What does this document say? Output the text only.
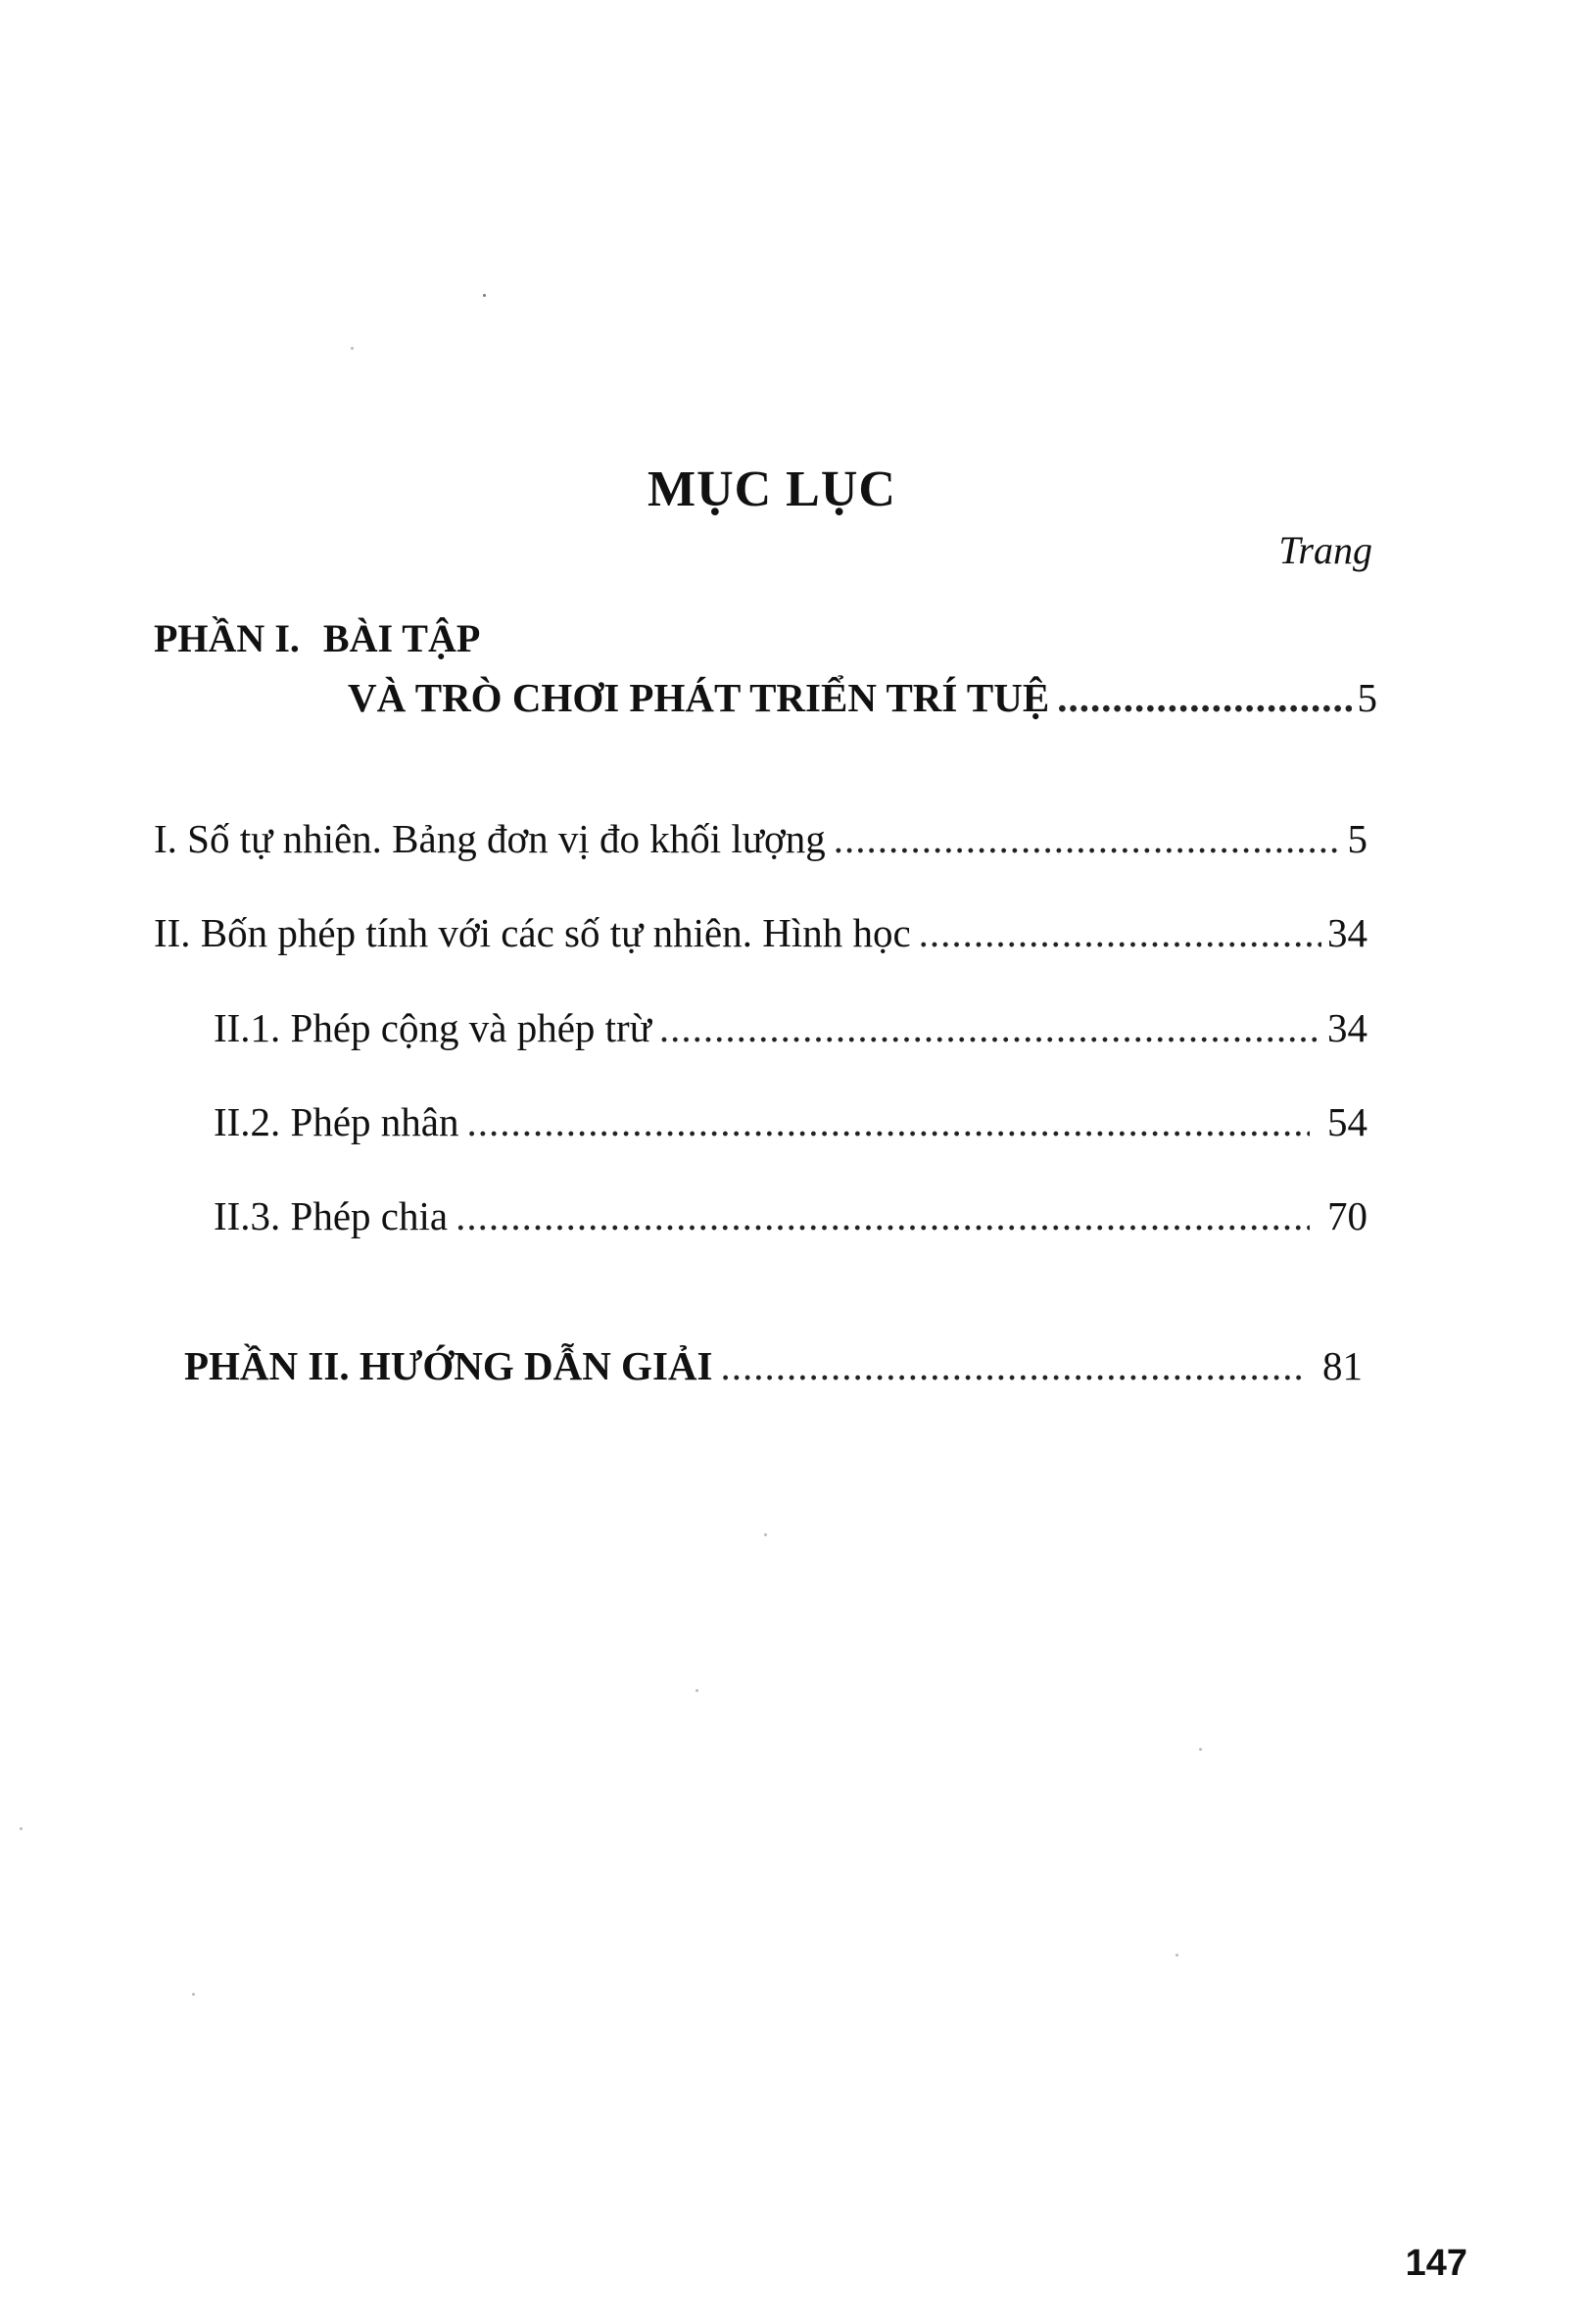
MỤC LỤC
Trang
PHẦN I. BÀI TẬP
VÀ TRÒ CHƠI PHÁT TRIỂN TRÍ TUỆ .....	5
I. Số tự nhiên. Bảng đơn vị đo khối lượng .....	5
II. Bốn phép tính với các số tự nhiên. Hình học .....	34
II.1. Phép cộng và phép trừ .....	34
II.2. Phép nhân .....	54
II.3. Phép chia .....	70
PHẦN II. HƯỚNG DẪN GIẢI .....	81
147
